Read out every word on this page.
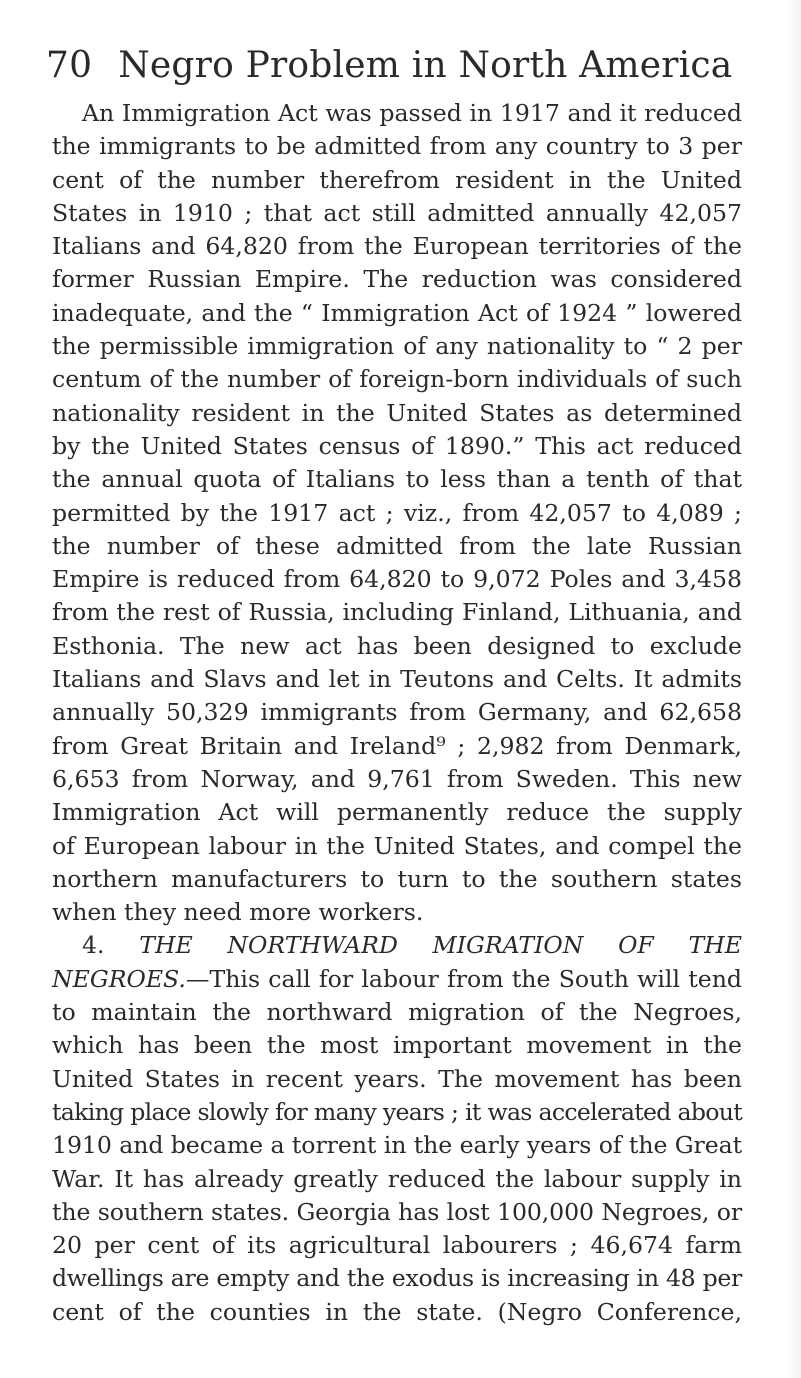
70 Negro Problem in North America
An Immigration Act was passed in 1917 and it reduced
the immigrants to be admitted from any country to 3 per
cent of the number therefrom resident in the United
States in 1910 ; that act still admitted annually 42,057
Italians and 64,820 from the European territories of the
former Russian Empire. The reduction was considered
inadequate, and the “ Immigration Act of 1924 ” lowered
the permissible immigration of any nationality to “ 2 per
centum of the number of foreign-born individuals of such
nationality resident in the United States as determined
by the United States census of 1890.” This act reduced
the annual quota of Italians to less than a tenth of that
permitted by the 1917 act ; viz., from 42,057 to 4,089 ;
the number of these admitted from the late Russian
Empire is reduced from 64,820 to 9,072 Poles and 3,458
from the rest of Russia, including Finland, Lithuania, and
Esthonia. The new act has been designed to exclude
Italians and Slavs and let in Teutons and Celts. It admits
annually 50,329 immigrants from Germany, and 62,658
from Great Britain and Ireland⁹ ; 2,982 from Denmark,
6,653 from Norway, and 9,761 from Sweden. This new
Immigration Act will permanently reduce the supply
of European labour in the United States, and compel the
northern manufacturers to turn to the southern states
when they need more workers.
4. THE NORTHWARD MIGRATION OF THE
NEGROES.—This call for labour from the South will tend
to maintain the northward migration of the Negroes,
which has been the most important movement in the
United States in recent years. The movement has been
taking place slowly for many years ; it was accelerated about
1910 and became a torrent in the early years of the Great
War. It has already greatly reduced the labour supply in
the southern states. Georgia has lost 100,000 Negroes, or
20 per cent of its agricultural labourers ; 46,674 farm
dwellings are empty and the exodus is increasing in 48 per
cent of the counties in the state. (Negro Conference,
